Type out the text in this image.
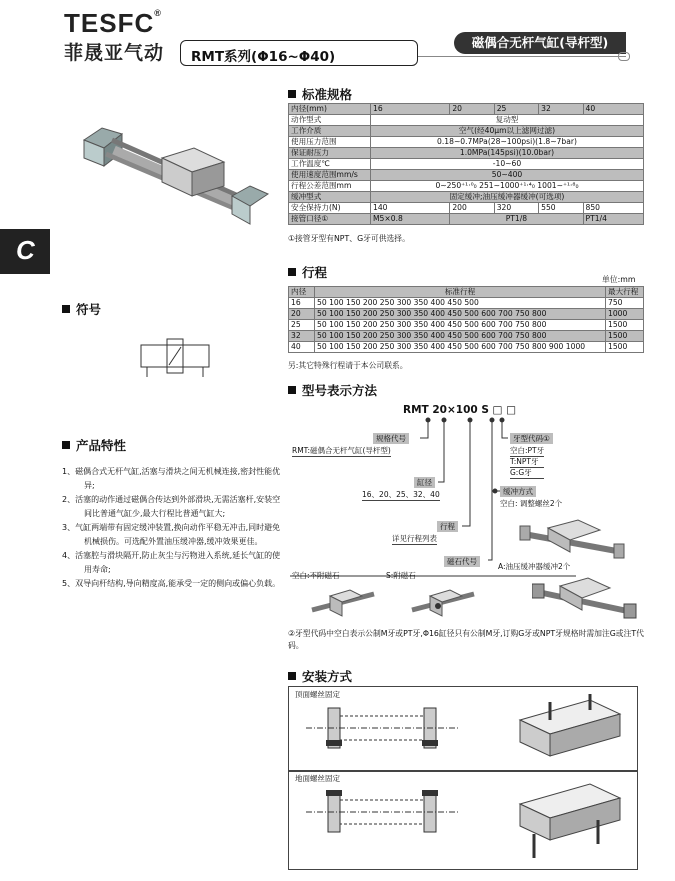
TESFC®
菲晟亚气动	RMT系列(Φ16~Φ40)
磁偶合无杆气缸(导杆型)
C
符号
产品特性
1、磁偶合式无杆气缸,活塞与滑块之间无机械连接,密封性能优异;
2、活塞的动作通过磁偶合传达到外部滑块,无需活塞杆,安装空间比普通气缸少,最大行程比普通气缸大;
3、气缸两端带有固定缓冲装置,换向动作平稳无冲击,同时避免机械损伤。可选配外置油压缓冲器,缓冲效果更佳。
4、活塞腔与滑块隔开,防止灰尘与污物进入系统,延长气缸的使用寿命;
5、双导向杆结构,导向精度高,能承受一定的侧向或偏心负载。
标准规格
内径(mm)	16	20	25	32	40
动作型式	复动型				
工作介质	空气(经40μm以上滤网过滤)				
使用压力范围	0.18~0.7MPa(28~100psi)(1.8~7bar)				
保证耐压力	1.0MPa(145psi)(10.0bar)				
工作温度℃	-10~60				
使用速度范围mm/s	50~400				
行程公差范围mm	0~250⁺¹·⁰₀ 251~1000⁺¹·⁴₀ 1001~⁺¹·⁸₀				
缓冲型式	固定缓冲;油压缓冲器缓冲(可选项)				
安全保持力(N)	140	200	320	550	850
接管口径①	M5×0.8	PT1/8			PT1/4
①接管牙型有NPT、G牙可供选择。
行程	单位:mm
内径	标准行程	最大行程
16	50 100 150 200 250 300 350 400 450 500	750
20	50 100 150 200 250 300 350 400 450 500 600 700 750 800	1000
25	50 100 150 200 250 300 350 400 450 500 600 700 750 800	1500
32	50 100 150 200 250 300 350 400 450 500 600 700 750 800	1500
40	50 100 150 200 250 300 350 400 450 500 600 700 750 800 900 1000	1500
另:其它特殊行程请于本公司联系。
型号表示方法
RMT 20×100 S □ □
规格代号
RMT:磁偶合无杆气缸(导杆型)
缸径
16、20、25、32、40
行程
详见行程列表
磁石代号
空白:不附磁石	S:附磁石
牙型代码①
空白:PT牙
T:NPT牙
G:G牙
缓冲方式
空白: 调整螺丝2个
A:油压缓冲器缓冲2个
②牙型代码中空白表示公制M牙或PT牙,Φ16缸径只有公制M牙,订购G牙或NPT牙规格时需加注G或注T代码。
安装方式
顶面螺丝固定
地面螺丝固定
